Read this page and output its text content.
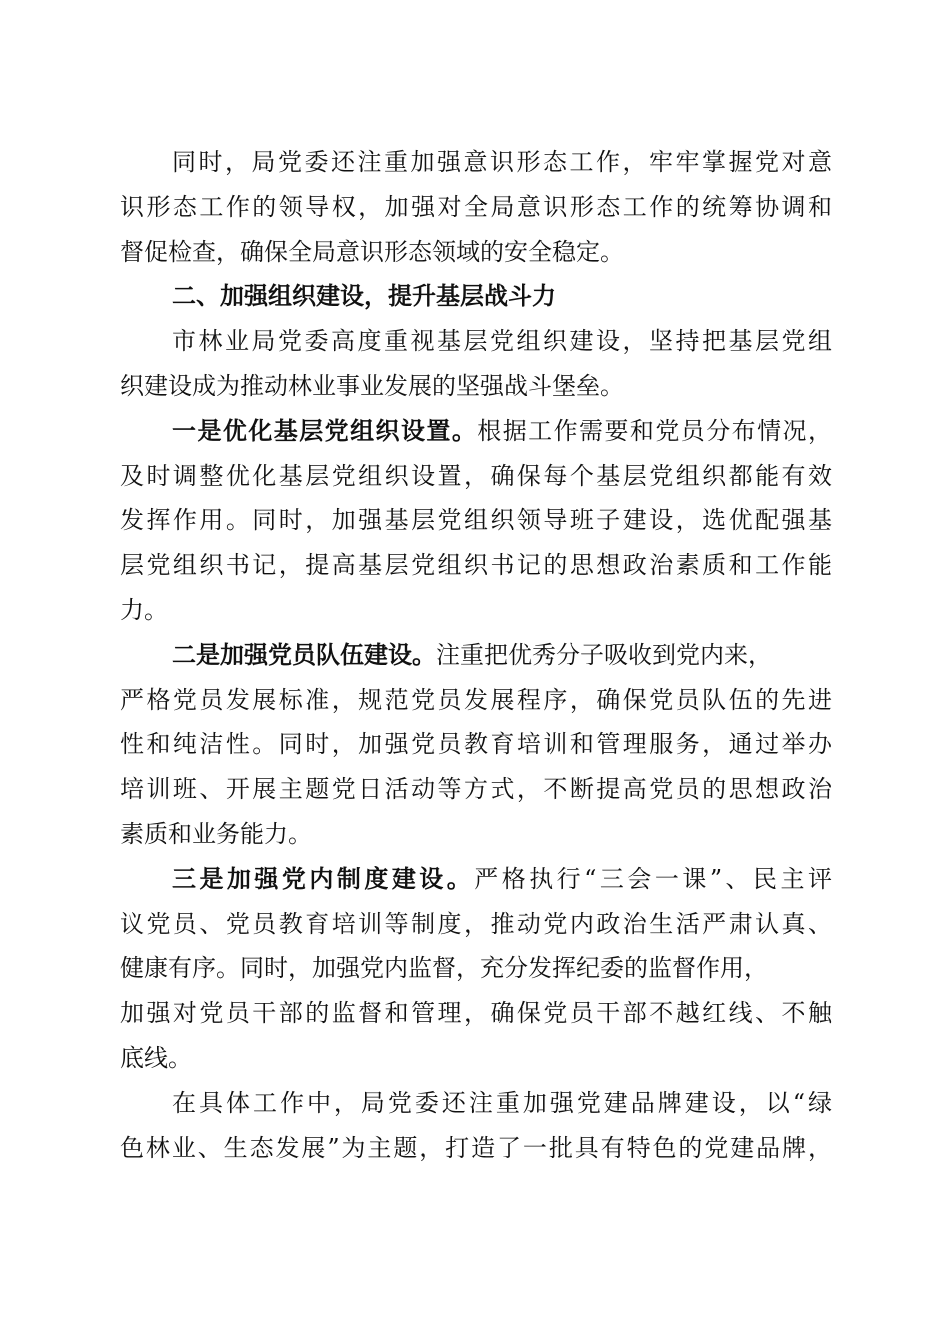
同时，局党委还注重加强意识形态工作，牢牢掌握党对意
识形态工作的领导权，加强对全局意识形态工作的统筹协调和
督促检查，确保全局意识形态领域的安全稳定。
二、加强组织建设，提升基层战斗力
市林业局党委高度重视基层党组织建设，坚持把基层党组
织建设成为推动林业事业发展的坚强战斗堡垒。
一是优化基层党组织设置。根据工作需要和党员分布情况，
及时调整优化基层党组织设置，确保每个基层党组织都能有效
发挥作用。同时，加强基层党组织领导班子建设，选优配强基
层党组织书记，提高基层党组织书记的思想政治素质和工作能
力。
二是加强党员队伍建设。注重把优秀分子吸收到党内来，
严格党员发展标准，规范党员发展程序，确保党员队伍的先进
性和纯洁性。同时，加强党员教育培训和管理服务，通过举办
培训班、开展主题党日活动等方式，不断提高党员的思想政治
素质和业务能力。
三是加强党内制度建设。严格执行“三会一课”、民主评
议党员、党员教育培训等制度，推动党内政治生活严肃认真、
健康有序。同时，加强党内监督，充分发挥纪委的监督作用，
加强对党员干部的监督和管理，确保党员干部不越红线、不触
底线。
在具体工作中，局党委还注重加强党建品牌建设，以“绿
色林业、生态发展”为主题，打造了一批具有特色的党建品牌，
